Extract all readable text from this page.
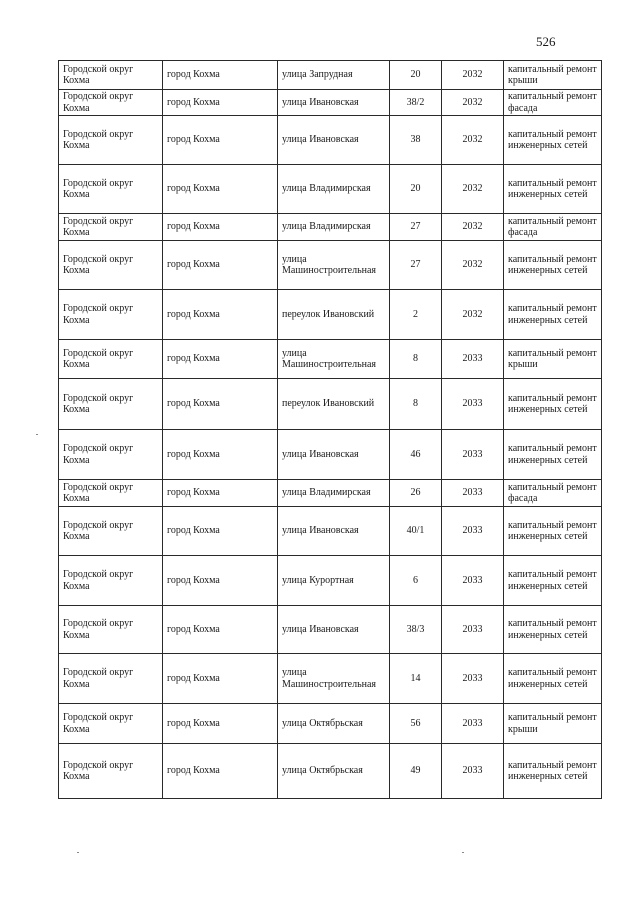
526
Городской округ Кохма	город Кохма	улица Запрудная	20	2032	капитальный ремонт крыши
Городской округ Кохма	город Кохма	улица Ивановская	38/2	2032	капитальный ремонт фасада
Городской округ Кохма	город Кохма	улица Ивановская	38	2032	капитальный ремонт инженерных сетей
Городской округ Кохма	город Кохма	улица Владимирская	20	2032	капитальный ремонт инженерных сетей
Городской округ Кохма	город Кохма	улица Владимирская	27	2032	капитальный ремонт фасада
Городской округ Кохма	город Кохма	улица Машиностроительная	27	2032	капитальный ремонт инженерных сетей
Городской округ Кохма	город Кохма	переулок Ивановский	2	2032	капитальный ремонт инженерных сетей
Городской округ Кохма	город Кохма	улица Машиностроительная	8	2033	капитальный ремонт крыши
Городской округ Кохма	город Кохма	переулок Ивановский	8	2033	капитальный ремонт инженерных сетей
Городской округ Кохма	город Кохма	улица Ивановская	46	2033	капитальный ремонт инженерных сетей
Городской округ Кохма	город Кохма	улица Владимирская	26	2033	капитальный ремонт фасада
Городской округ Кохма	город Кохма	улица Ивановская	40/1	2033	капитальный ремонт инженерных сетей
Городской округ Кохма	город Кохма	улица Курортная	6	2033	капитальный ремонт инженерных сетей
Городской округ Кохма	город Кохма	улица Ивановская	38/3	2033	капитальный ремонт инженерных сетей
Городской округ Кохма	город Кохма	улица Машиностроительная	14	2033	капитальный ремонт инженерных сетей
Городской округ Кохма	город Кохма	улица Октябрьская	56	2033	капитальный ремонт крыши
Городской округ Кохма	город Кохма	улица Октябрьская	49	2033	капитальный ремонт инженерных сетей
